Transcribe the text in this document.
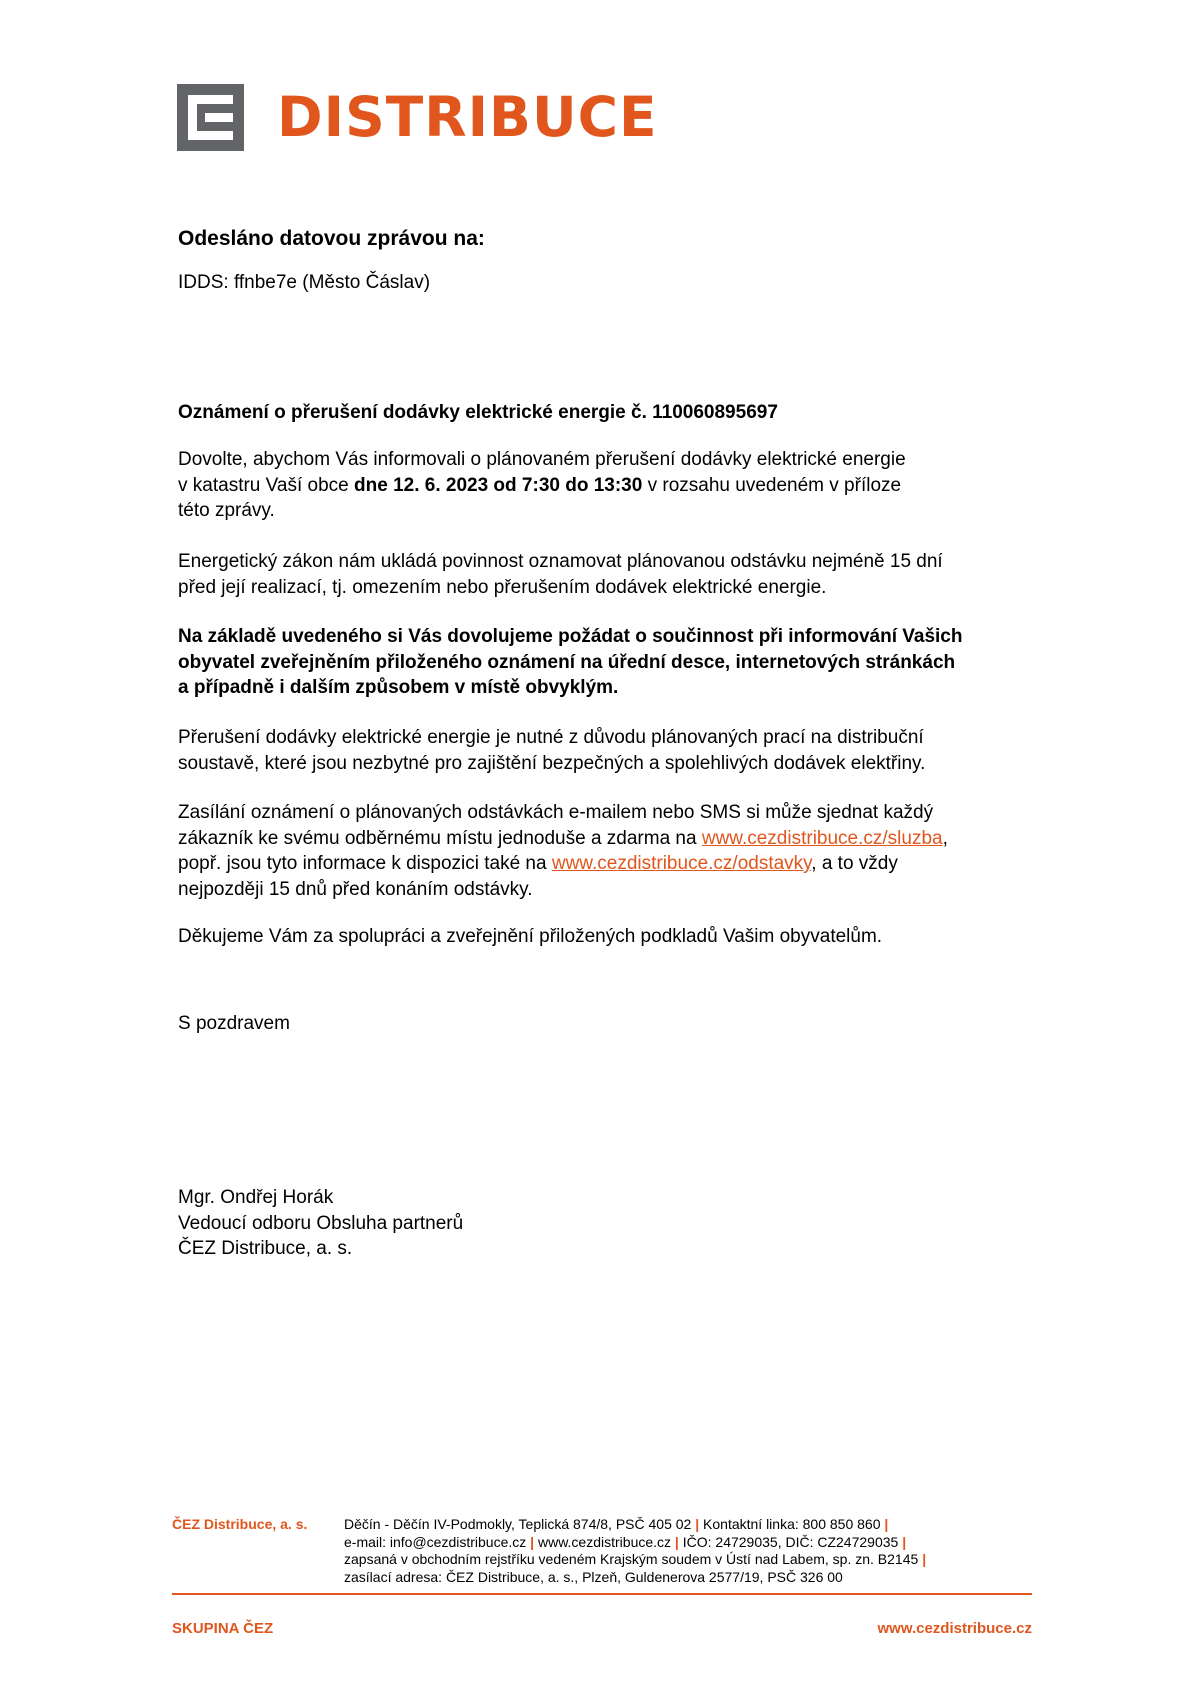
DISTRIBUCE
Odesláno datovou zprávou na:
IDDS: ffnbe7e (Město Čáslav)
Oznámení o přerušení dodávky elektrické energie č. 110060895697
Dovolte, abychom Vás informovali o plánovaném přerušení dodávky elektrické energie
v katastru Vaší obce dne 12. 6. 2023 od 7:30 do 13:30 v rozsahu uvedeném v příloze
této zprávy.
Energetický zákon nám ukládá povinnost oznamovat plánovanou odstávku nejméně 15 dní
před její realizací, tj. omezením nebo přerušením dodávek elektrické energie.
Na základě uvedeného si Vás dovolujeme požádat o součinnost při informování Vašich
obyvatel zveřejněním přiloženého oznámení na úřední desce, internetových stránkách
a případně i dalším způsobem v místě obvyklým.
Přerušení dodávky elektrické energie je nutné z důvodu plánovaných prací na distribuční
soustavě, které jsou nezbytné pro zajištění bezpečných a spolehlivých dodávek elektřiny.
Zasílání oznámení o plánovaných odstávkách e-mailem nebo SMS si může sjednat každý
zákazník ke svému odběrnému místu jednoduše a zdarma na www.cezdistribuce.cz/sluzba,
popř. jsou tyto informace k dispozici také na www.cezdistribuce.cz/odstavky, a to vždy
nejpozději 15 dnů před konáním odstávky.
Děkujeme Vám za spolupráci a zveřejnění přiložených podkladů Vašim obyvatelům.
S pozdravem
Mgr. Ondřej Horák
Vedoucí odboru Obsluha partnerů
ČEZ Distribuce, a. s.
ČEZ Distribuce, a. s.	Děčín - Děčín IV-Podmokly, Teplická 874/8, PSČ 405 02 | Kontaktní linka: 800 850 860 |
e-mail: info@cezdistribuce.cz | www.cezdistribuce.cz | IČO: 24729035, DIČ: CZ24729035 |
zapsaná v obchodním rejstříku vedeném Krajským soudem v Ústí nad Labem, sp. zn. B2145 |
zasílací adresa: ČEZ Distribuce, a. s., Plzeň, Guldenerova 2577/19, PSČ 326 00
SKUPINA ČEZ	www.cezdistribuce.cz
